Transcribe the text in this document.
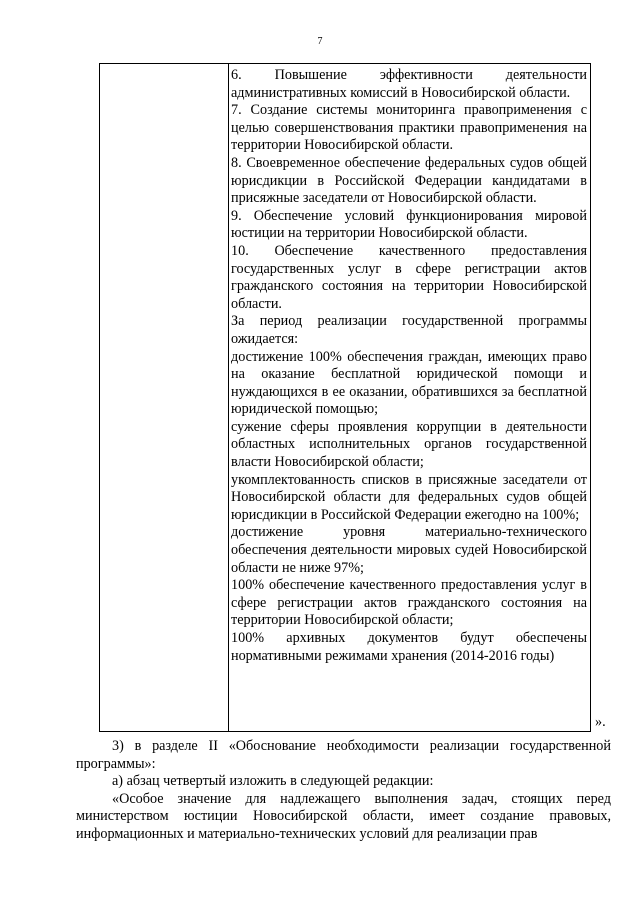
7

6. Повышение эффективности деятельности административных комиссий в Новосибирской области.

7. Создание системы мониторинга правоприменения с целью совершенствования практики правоприменения на территории Новосибирской области.

8. Своевременное обеспечение федеральных судов общей юрисдикции в Российской Федерации кандидатами в присяжные заседатели от Новосибирской области.

9. Обеспечение условий функционирования мировой юстиции на территории Новосибирской области.

10. Обеспечение качественного предоставления государственных услуг в сфере регистрации актов гражданского состояния на территории Новосибирской области.

За период реализации государственной программы ожидается:

достижение 100% обеспечения граждан, имеющих право на оказание бесплатной юридической помощи и нуждающихся в ее оказании, обратившихся за бесплатной юридической помощью;

сужение сферы проявления коррупции в деятельности областных исполнительных органов государственной власти Новосибирской области;

укомплектованность списков в присяжные заседатели от Новосибирской области для федеральных судов общей юрисдикции в Российской Федерации ежегодно на 100%;

достижение уровня материально-технического обеспечения деятельности мировых судей Новосибирской области не ниже 97%;

100% обеспечение качественного предоставления услуг в сфере регистрации актов гражданского состояния на территории Новосибирской области;

100% архивных документов будут обеспечены нормативными режимами хранения (2014-2016 годы)

».

3) в разделе II «Обоснование необходимости реализации государственной программы»:

а) абзац четвертый изложить в следующей редакции:

«Особое значение для надлежащего выполнения задач, стоящих перед министерством юстиции Новосибирской области, имеет создание правовых, информационных и материально-технических условий для реализации прав
